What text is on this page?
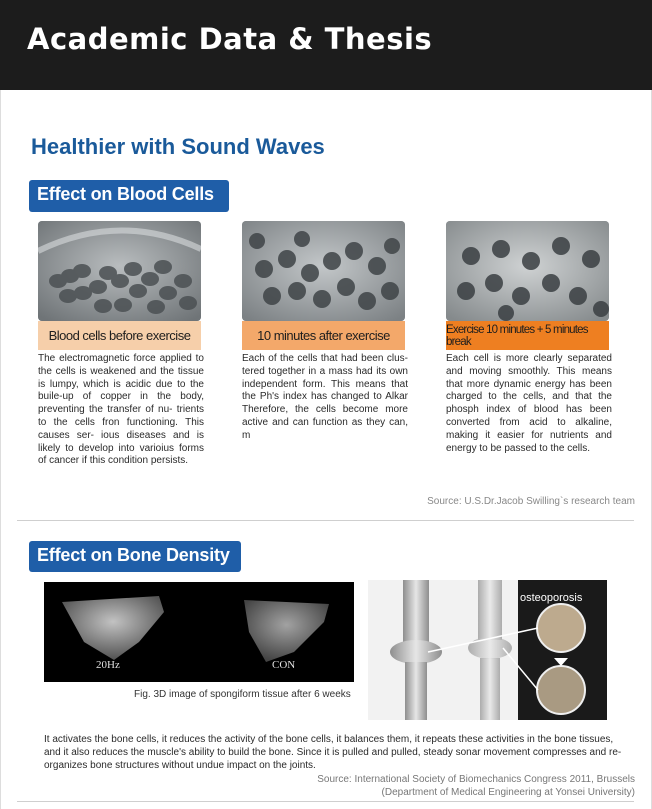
Academic Data & Thesis
Healthier with Sound Waves
Effect on Blood Cells
Blood cells before exercise
The electromagnetic force applied to the cells is weakened and the tissue is lumpy, which is acidic due to the buile-up of copper in the body, preventing the transfer of nu- trients to the cells fron functioning. This causes ser- ious diseases and is likely to develop into varioius forms of cancer if this condition persists.
10 minutes after exercise
Each of the cells that had been clus- tered together in a mass had its own independent form. This means that the Ph's index has changed to Alkar Therefore, the cells become more active and can function as they can, m
Exercise 10 minutes + 5 minutes break
Each cell is more clearly separated and moving smoothly. This means that more dynamic energy has been charged to the cells, and that the phosph index of blood has been converted from acid to alkaline, making it easier for nutrients and energy to be passed to the cells.
Source: U.S.Dr.Jacob Swilling`s research team
Effect on Bone Density
20Hz	CON
Fig. 3D image of spongiform tissue after 6 weeks
osteoporosis
It activates the bone cells, it reduces the activity of the bone cells, it balances them, it repeats these activities in the bone tissues, and it also reduces the muscle's ability to build the bone. Since it is pulled and pulled, steady sonar movement compresses and re-organizes bone structures without undue impact on the joints.
Source: International Society of Biomechanics Congress 2011, Brussels
(Department of Medical Engineering at Yonsei University)
